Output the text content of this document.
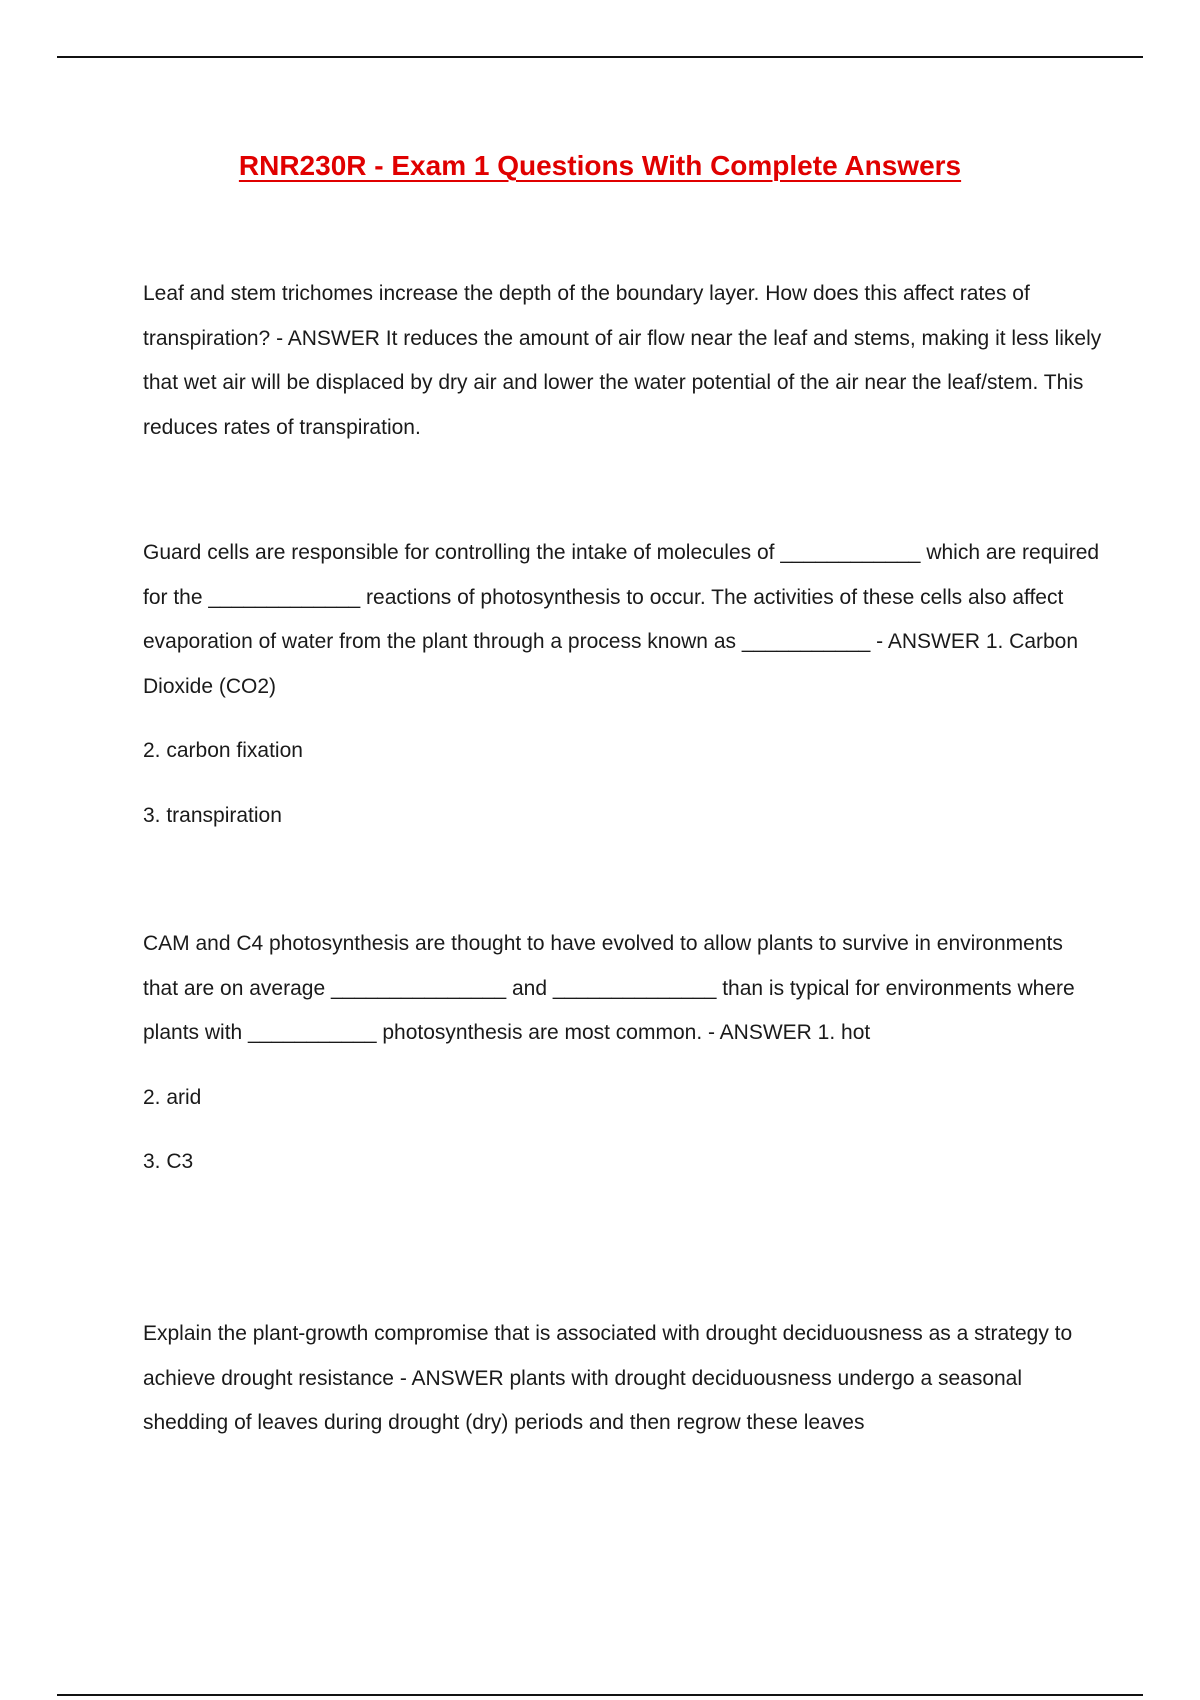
RNR230R - Exam 1 Questions With Complete Answers

Leaf and stem trichomes increase the depth of the boundary layer. How does this affect rates of transpiration? - ANSWER It reduces the amount of air flow near the leaf and stems, making it less likely that wet air will be displaced by dry air and lower the water potential of the air near the leaf/stem. This reduces rates of transpiration.

Guard cells are responsible for controlling the intake of molecules of ____________ which are required for the _____________ reactions of photosynthesis to occur. The activities of these cells also affect evaporation of water from the plant through a process known as ___________ - ANSWER 1. Carbon Dioxide (CO2)

2. carbon fixation

3. transpiration

CAM and C4 photosynthesis are thought to have evolved to allow plants to survive in environments that are on average _______________ and ______________ than is typical for environments where plants with ___________ photosynthesis are most common. - ANSWER 1. hot

2. arid

3. C3

Explain the plant-growth compromise that is associated with drought deciduousness as a strategy to achieve drought resistance - ANSWER plants with drought deciduousness undergo a seasonal shedding of leaves during drought (dry) periods and then regrow these leaves
